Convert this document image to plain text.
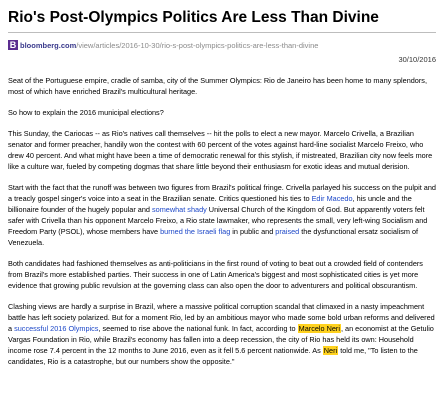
Rio's Post-Olympics Politics Are Less Than Divine
B bloomberg.com /view/articles/2016-10-30/rio-s-post-olympics-politics-are-less-than-divine
30/10/2016

Seat of the Portuguese empire, cradle of samba, city of the Summer Olympics: Rio de Janeiro has been home to many splendors, most of which have enriched Brazil's multicultural heritage.

So how to explain the 2016 municipal elections?

This Sunday, the Cariocas -- as Rio's natives call themselves -- hit the polls to elect a new mayor. Marcelo Crivella, a Brazilian senator and former preacher, handily won the contest with 60 percent of the votes against hard-line socialist Marcelo Freixo, who drew 40 percent. And what might have been a time of democratic renewal for this stylish, if mistreated, Brazilian city now feels more like a culture war, fueled by competing dogmas that share little beyond their enthusiasm for exotic ideas and mutual derision.

Start with the fact that the runoff was between two figures from Brazil's political fringe. Crivella parlayed his success on the pulpit and a treacly gospel singer's voice into a seat in the Brazilian senate. Critics questioned his ties to Edir Macedo, his uncle and the billionaire founder of the hugely popular and somewhat shady Universal Church of the Kingdom of God. But apparently voters felt safer with Crivella than his opponent Marcelo Freixo, a Rio state lawmaker, who represents the small, very left-wing Socialism and Freedom Party (PSOL), whose members have burned the Israeli flag in public and praised the dysfunctional ersatz socialism of Venezuela.

Both candidates had fashioned themselves as anti-politicians in the first round of voting to beat out a crowded field of contenders from Brazil's more established parties. Their success in one of Latin America's biggest and most sophisticated cities is yet more evidence that growing public revulsion at the governing class can also open the door to adventurers and political obscurantism.

Clashing views are hardly a surprise in Brazil, where a massive political corruption scandal that climaxed in a nasty impeachment battle has left society polarized. But for a moment Rio, led by an ambitious mayor who made some bold urban reforms and delivered a successful 2016 Olympics, seemed to rise above the national funk. In fact, according to Marcelo Neri, an economist at the Getulio Vargas Foundation in Rio, while Brazil's economy has fallen into a deep recession, the city of Rio has held its own: Household income rose 7.4 percent in the 12 months to June 2016, even as it fell 5.6 percent nationwide. As Neri told me, "To listen to the candidates, Rio is a catastrophe, but our numbers show the opposite."
